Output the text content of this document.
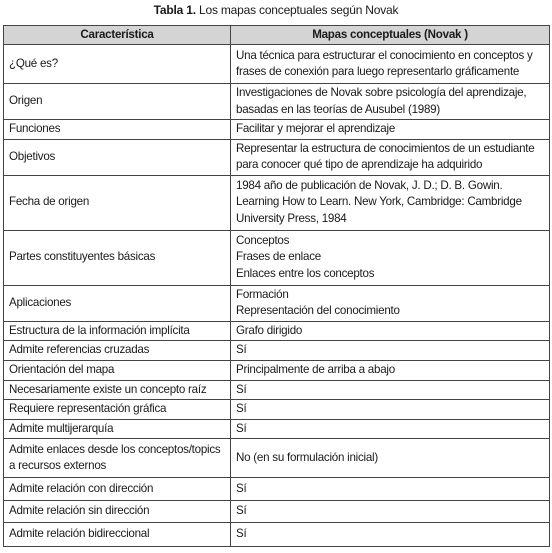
Tabla 1. Los mapas conceptuales según Novak
Característica	Mapas conceptuales (Novak )
¿Qué es?	Una técnica para estructurar el conocimiento en conceptos y
frases de conexión para luego representarlo gráficamente

Origen	Investigaciones de Novak sobre psicología del aprendizaje,
basadas en las teorías de Ausubel (1989)

Funciones	Facilitar y mejorar el aprendizaje

Objetivos	Representar la estructura de conocimientos de un estudiante
para conocer qué tipo de aprendizaje ha adquirido

Fecha de origen	1984 año de publicación de Novak, J. D.; D. B. Gowin.
Learning How to Learn. New York, Cambridge: Cambridge
University Press, 1984

Partes constituyentes básicas	Conceptos
Frases de enlace
Enlaces entre los conceptos

Aplicaciones	Formación
Representación del conocimiento

Estructura de la información implícita	Grafo dirigido

Admite referencias cruzadas	Sí

Orientación del mapa	Principalmente de arriba a abajo

Necesariamente existe un concepto raíz	Sí

Requiere representación gráfica	Sí

Admite multijerarquía	Sí

Admite enlaces desde los conceptos/topics
a recursos externos	No (en su formulación inicial)

Admite relación con dirección	Sí

Admite relación sin dirección	Sí

Admite relación bidireccional	Sí
